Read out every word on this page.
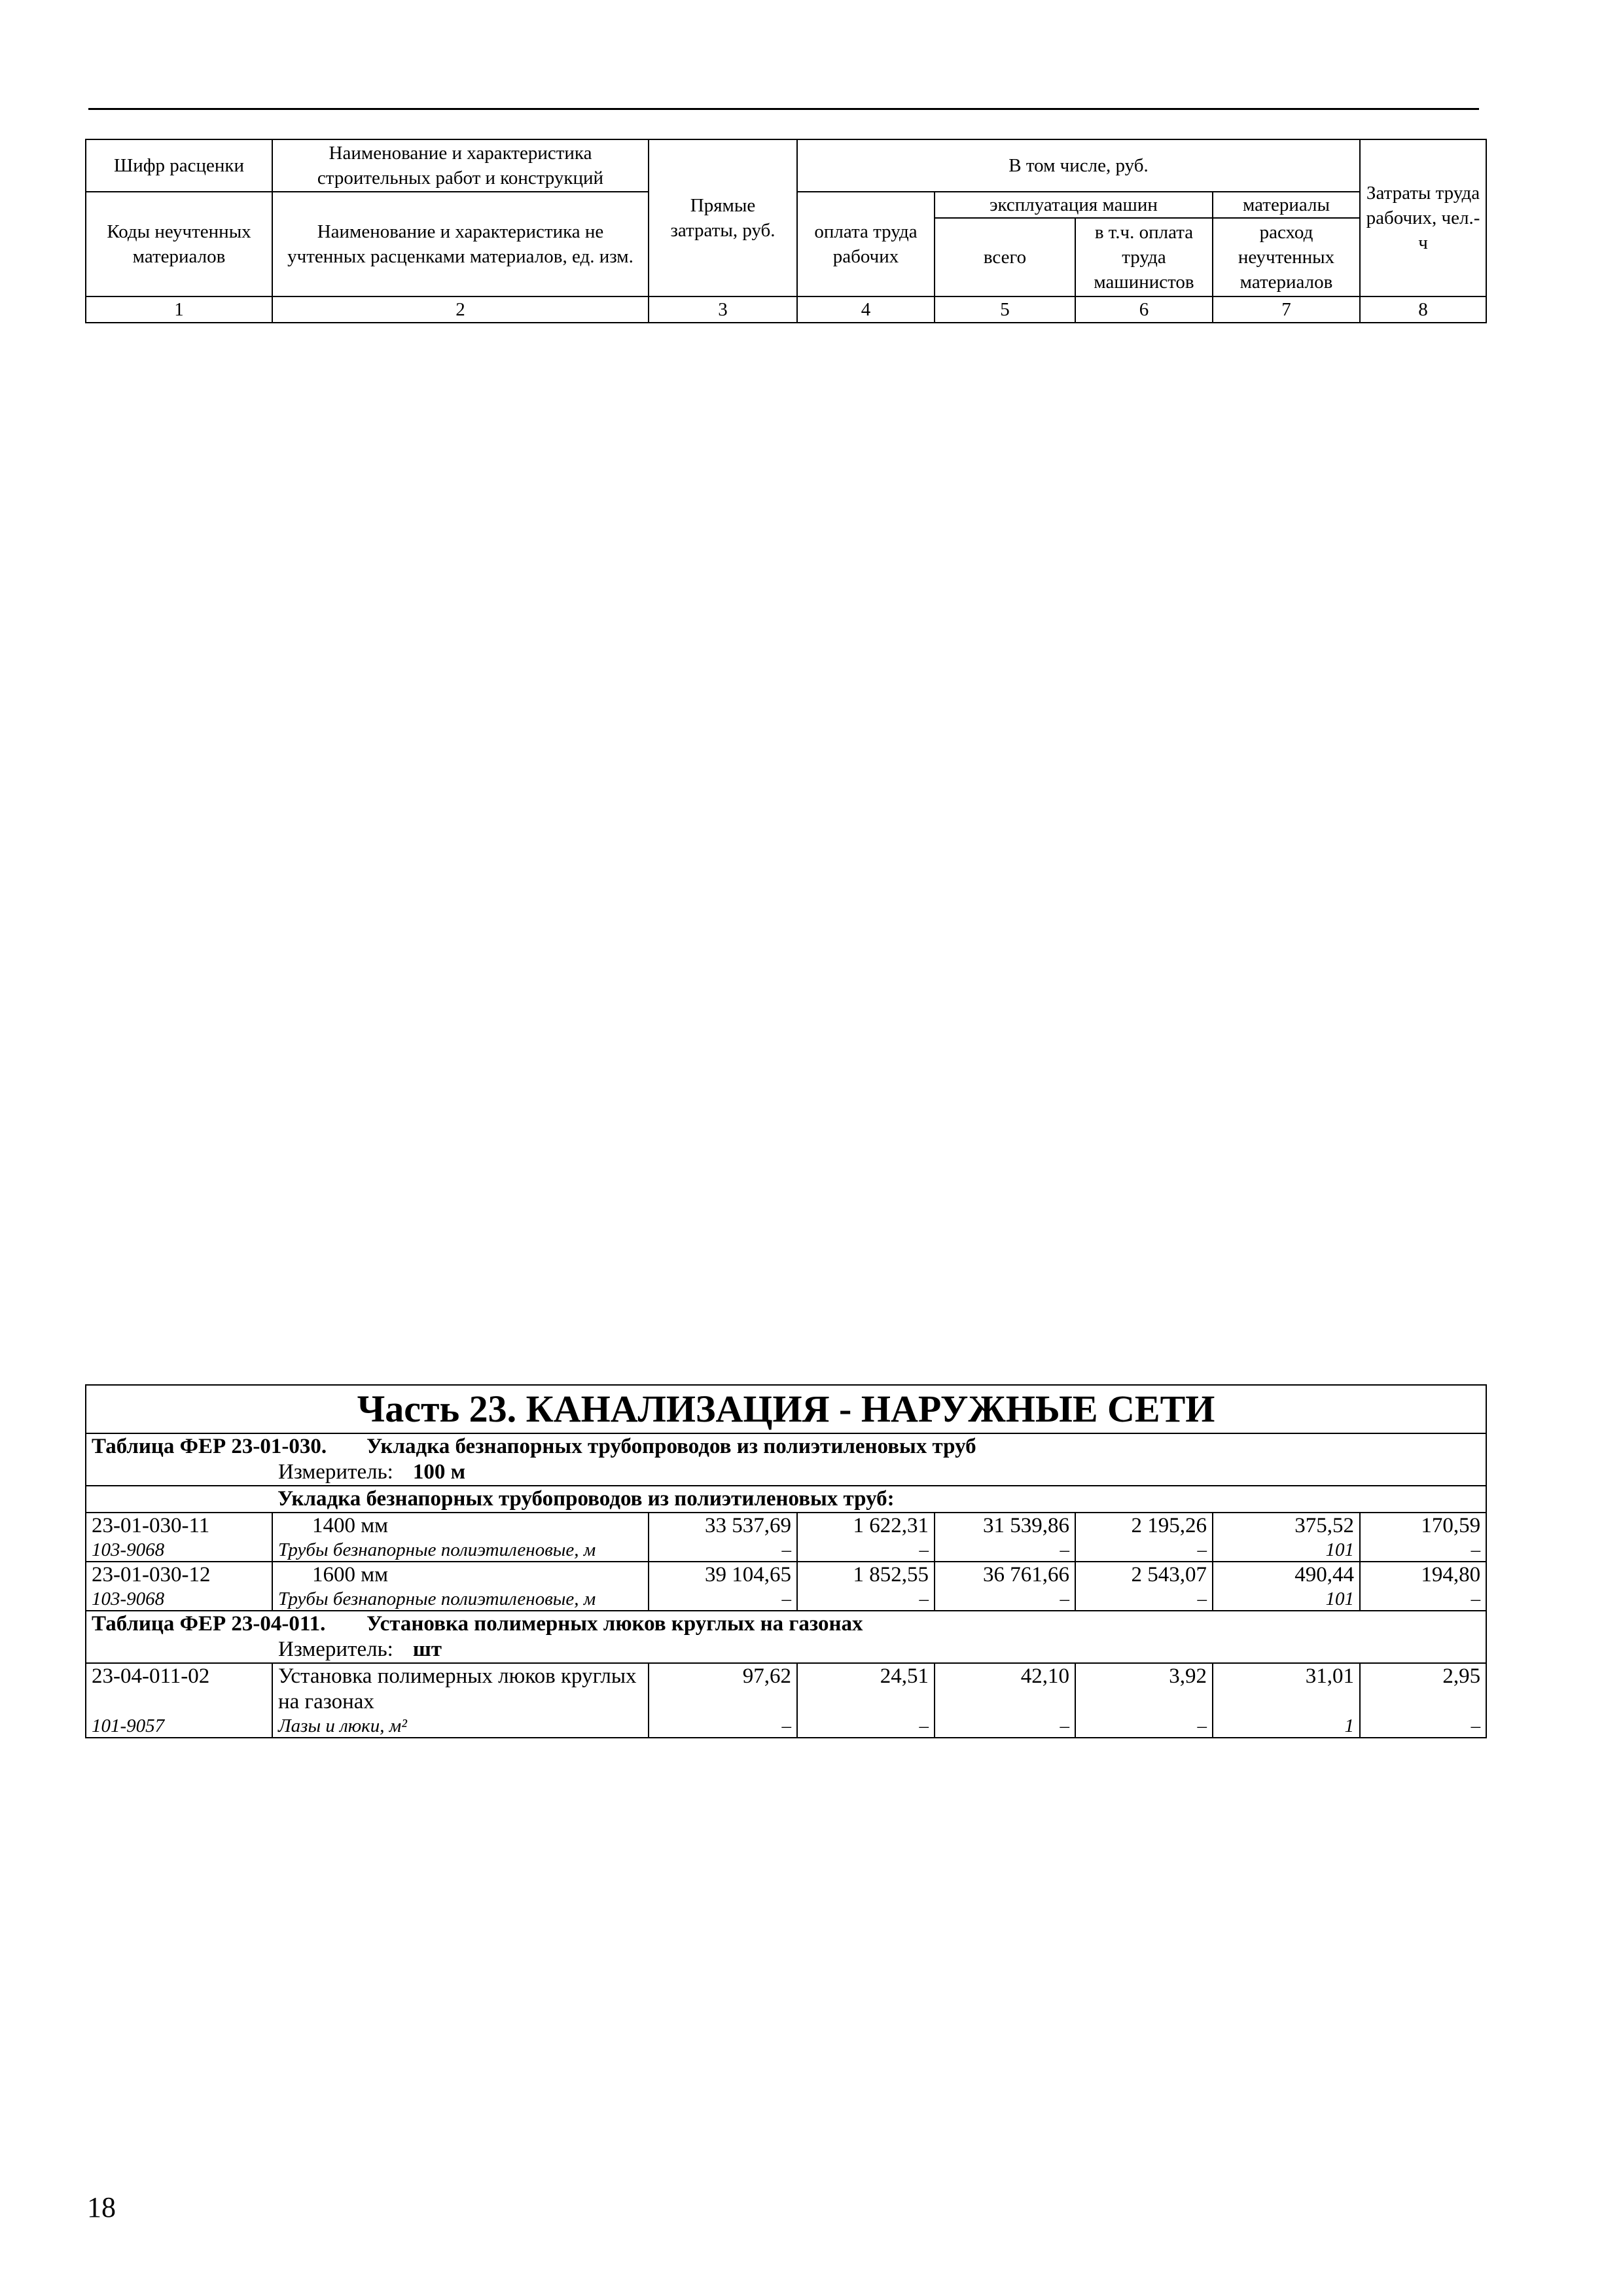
Шифр расценки	Наименование и характеристика строительных работ и конструкций	Прямые затраты, руб.	В том числе, руб.				Затраты труда рабочих, чел.-ч
Коды неучтенных материалов	Наименование и характеристика не учтенных расценками материалов, ед. изм.		оплата труда рабочих	эксплуатация машин		материалы	
				всего	в т.ч. оплата труда машинистов	расход неучтенных материалов	

1	2	3	4	5	6	7	8
Часть 23. КАНАЛИЗАЦИЯ - НАРУЖНЫЕ СЕТИ							
Таблица ФЕР 23-01-030. Укладка безнапорных трубопроводов из полиэтиленовых труб							
Измеритель: 100 м							
Укладка безнапорных трубопроводов из полиэтиленовых труб:							
23-01-030-11	1400 мм	33 537,69	1 622,31	31 539,86	2 195,26	375,52	170,59
103-9068	Трубы безнапорные полиэтиленовые, м	–	–	–	–	101	–
23-01-030-12	1600 мм	39 104,65	1 852,55	36 761,66	2 543,07	490,44	194,80
103-9068	Трубы безнапорные полиэтиленовые, м	–	–	–	–	101	–
Таблица ФЕР 23-04-011. Установка полимерных люков круглых на газонах							
Измеритель: шт							
23-04-011-02	Установка полимерных люков круглых на газонах	97,62	24,51	42,10	3,92	31,01	2,95
101-9057	Лазы и люки, м²	–	–	–	–	1	–
18
